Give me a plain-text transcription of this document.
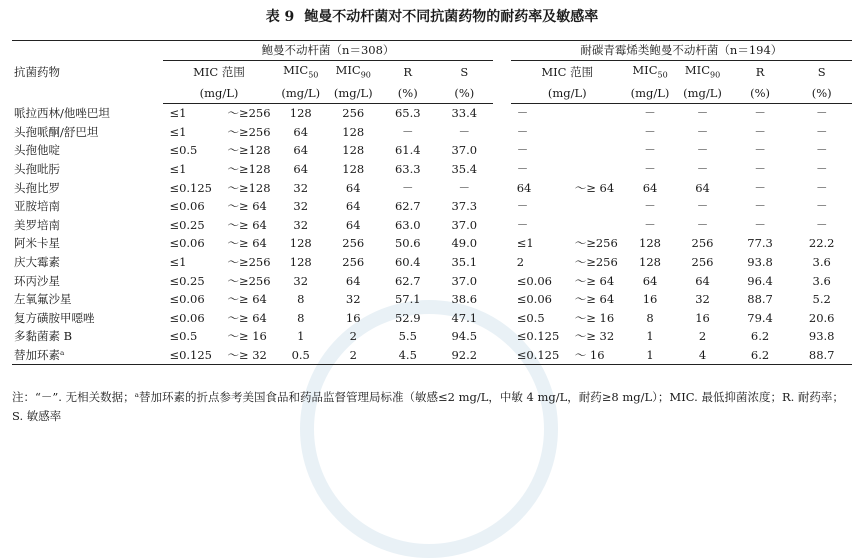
表 9 鲍曼不动杆菌对不同抗菌药物的耐药率及敏感率
抗菌药物	鲍曼不动杆菌（n＝308）						耐碳青霉烯类鲍曼不动杆菌（n＝194）				
	MIC 范围	$MIC_{50}$	$MIC_{90}$	R	S		MIC 范围	$MIC_{50}$	$MIC_{90}$	R	S
	(mg/L)	(mg/L)	(mg/L)	(%)	(%)		(mg/L)	(mg/L)	(mg/L)	(%)	(%)
哌拉西林/他唑巴坦	≤1 ～≥256	128	256	65.3	33.4		－	－	－	－	－
头孢哌酮/舒巴坦	≤1 ～≥256	64	128	－	－		－	－	－	－	－
头孢他啶	≤0.5 ～≥128	64	128	61.4	37.0		－	－	－	－	－
头孢吡肟	≤1 ～≥128	64	128	63.3	35.4		－	－	－	－	－
头孢比罗	≤0.125 ～≥128	32	64	－	－		64 ～≥ 64	64	64	－	－
亚胺培南	≤0.06 ～≥ 64	32	64	62.7	37.3		－	－	－	－	－
美罗培南	≤0.25 ～≥ 64	32	64	63.0	37.0		－	－	－	－	－
阿米卡星	≤0.06 ～≥ 64	128	256	50.6	49.0		≤1 ～≥256	128	256	77.3	22.2
庆大霉素	≤1 ～≥256	128	256	60.4	35.1		2 ～≥256	128	256	93.8	3.6
环丙沙星	≤0.25 ～≥256	32	64	62.7	37.0		≤0.06 ～≥ 64	64	64	96.4	3.6
左氧氟沙星	≤0.06 ～≥ 64	8	32	57.1	38.6		≤0.06 ～≥ 64	16	32	88.7	5.2
复方磺胺甲噁唑	≤0.06 ～≥ 64	8	16	52.9	47.1		≤0.5 ～≥ 16	8	16	79.4	20.6
多黏菌素 B	≤0.5 ～≥ 16	1	2	5.5	94.5		≤0.125 ～≥ 32	1	2	6.2	93.8
替加环素ᵃ	≤0.125 ～≥ 32	0.5	2	4.5	92.2		≤0.125 ～ 16	1	4	6.2	88.7
注：“－”. 无相关数据；ᵃ替加环素的折点参考美国食品和药品监督管理局标准（敏感≤2 mg/L，中敏 4 mg/L，耐药≥8 mg/L）；MIC. 最低抑菌浓度；R. 耐药率；S. 敏感率
